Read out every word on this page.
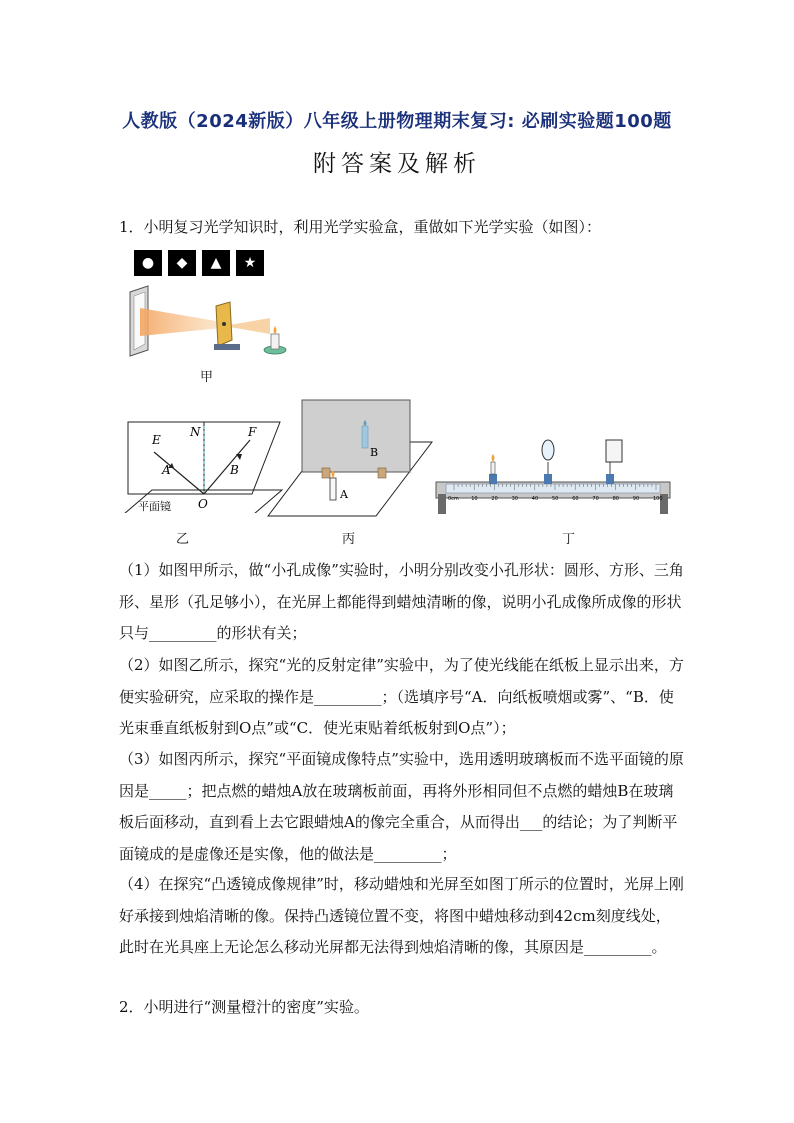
人教版（2024新版）八年级上册物理期末复习: 必刷实验题100题
附答案及解析
1．小明复习光学知识时，利用光学实验盒，重做如下光学实验（如图）：
●	◆	▲	★
甲
E
N	F
A	B
O
平面镜
乙
B
A
丙
10	20	30	40	50	60	70	80	90	100
0cm
丁
（1）如图甲所示，做“小孔成像”实验时，小明分别改变小孔形状：圆形、方形、三角形、星形（孔足够小），在光屏上都能得到蜡烛清晰的像，说明小孔成像所成像的形状只与_________的形状有关；
（2）如图乙所示，探究“光的反射定律”实验中，为了使光线能在纸板上显示出来，方便实验研究，应采取的操作是_________；（选填序号“A．向纸板喷烟或雾”、“B．使光束垂直纸板射到O点”或“C．使光束贴着纸板射到O点”）；
（3）如图丙所示，探究“平面镜成像特点”实验中，选用透明玻璃板而不选平面镜的原因是_____；把点燃的蜡烛A放在玻璃板前面，再将外形相同但不点燃的蜡烛B在玻璃板后面移动，直到看上去它跟蜡烛A的像完全重合，从而得出___的结论；为了判断平面镜成的是虚像还是实像，他的做法是_________；
（4）在探究“凸透镜成像规律”时，移动蜡烛和光屏至如图丁所示的位置时，光屏上刚好承接到烛焰清晰的像。保持凸透镜位置不变，将图中蜡烛移动到42cm刻度线处，此时在光具座上无论怎么移动光屏都无法得到烛焰清晰的像，其原因是_________。
2．小明进行“测量橙汁的密度”实验。
